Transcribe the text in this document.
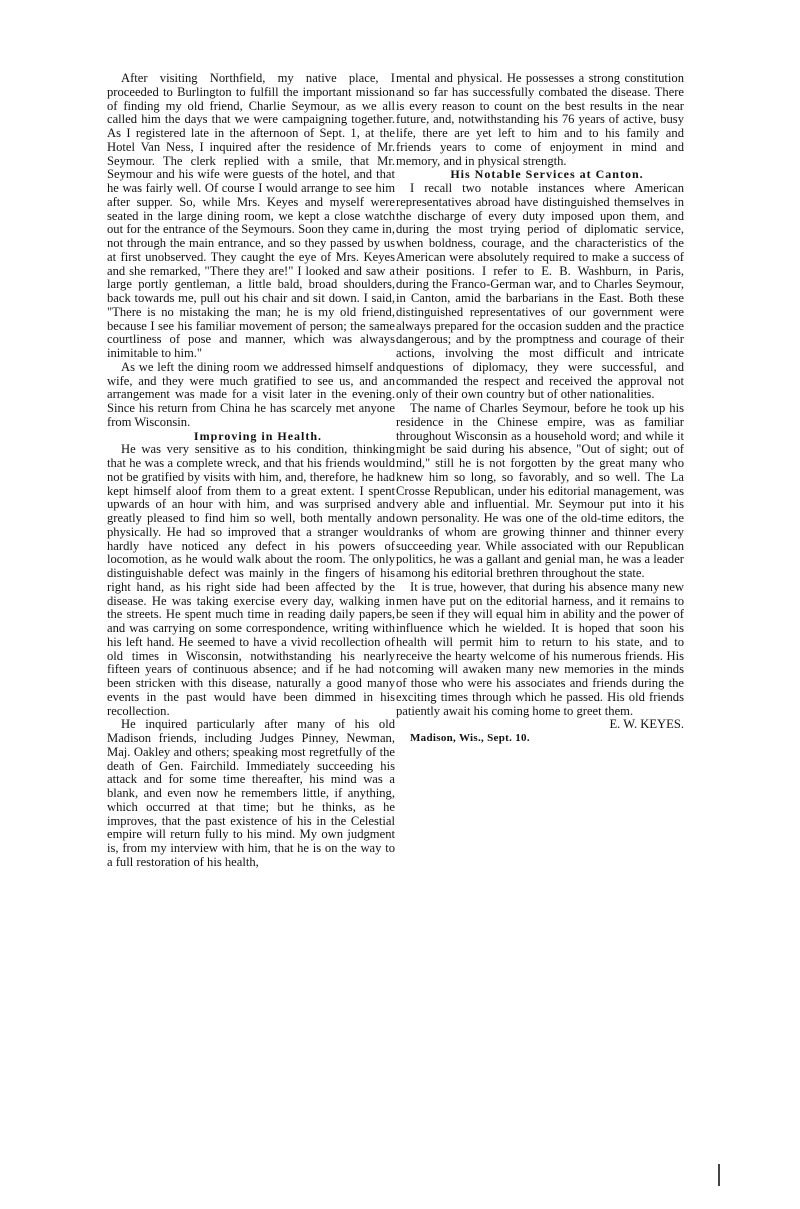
After visiting Northfield, my native place, I proceeded to Burlington to fulfill the important mission of finding my old friend, Charlie Seymour, as we all called him the days that we were campaigning together. As I registered late in the afternoon of Sept. 1, at the Hotel Van Ness, I inquired after the residence of Mr. Seymour. The clerk replied with a smile, that Mr. Seymour and his wife were guests of the hotel, and that he was fairly well. Of course I would arrange to see him after supper. So, while Mrs. Keyes and myself were seated in the large dining room, we kept a close watch out for the entrance of the Seymours. Soon they came in, not through the main entrance, and so they passed by us at first unobserved. They caught the eye of Mrs. Keyes and she remarked, "There they are!" I looked and saw a large portly gentleman, a little bald, broad shoulders, back towards me, pull out his chair and sit down. I said, "There is no mistaking the man; he is my old friend, because I see his familiar movement of person; the same courtliness of pose and manner, which was always inimitable to him."

As we left the dining room we addressed himself and wife, and they were much gratified to see us, and an arrangement was made for a visit later in the evening. Since his return from China he has scarcely met anyone from Wisconsin.

Improving in Health.

He was very sensitive as to his condition, thinking that he was a complete wreck, and that his friends would not be gratified by visits with him, and, therefore, he had kept himself aloof from them to a great extent. I spent upwards of an hour with him, and was surprised and greatly pleased to find him so well, both mentally and physically. He had so improved that a stranger would hardly have noticed any defect in his powers of locomotion, as he would walk about the room. The only distinguishable defect was mainly in the fingers of his right hand, as his right side had been affected by the disease. He was taking exercise every day, walking in the streets. He spent much time in reading daily papers, and was carrying on some correspondence, writing with his left hand. He seemed to have a vivid recollection of old times in Wisconsin, notwithstanding his nearly fifteen years of continuous absence; and if he had not been stricken with this disease, naturally a good many events in the past would have been dimmed in his recollection.

He inquired particularly after many of his old Madison friends, including Judges Pinney, Newman, Maj. Oakley and others; speaking most regretfully of the death of Gen. Fairchild. Immediately succeeding his attack and for some time thereafter, his mind was a blank, and even now he remembers little, if anything, which occurred at that time; but he thinks, as he improves, that the past existence of his in the Celestial empire will return fully to his mind. My own judgment is, from my interview with him, that he is on the way to a full restoration of his health,

mental and physical. He possesses a strong constitution and so far has successfully combated the disease. There is every reason to count on the best results in the near future, and, notwithstanding his 76 years of active, busy life, there are yet left to him and to his family and friends years to come of enjoyment in mind and memory, and in physical strength.

His Notable Services at Canton.

I recall two notable instances where American representatives abroad have distinguished themselves in the discharge of every duty imposed upon them, and during the most trying period of diplomatic service, when boldness, courage, and the characteristics of the American were absolutely required to make a success of their positions. I refer to E. B. Washburn, in Paris, during the Franco-German war, and to Charles Seymour, in Canton, amid the barbarians in the East. Both these distinguished representatives of our government were always prepared for the occasion sudden and the practice dangerous; and by the promptness and courage of their actions, involving the most difficult and intricate questions of diplomacy, they were successful, and commanded the respect and received the approval not only of their own country but of other nationalities.

The name of Charles Seymour, before he took up his residence in the Chinese empire, was as familiar throughout Wisconsin as a household word; and while it might be said during his absence, "Out of sight; out of mind," still he is not forgotten by the great many who knew him so long, so favorably, and so well. The La Crosse Republican, under his editorial management, was very able and influential. Mr. Seymour put into it his own personality. He was one of the old-time editors, the ranks of whom are growing thinner and thinner every succeeding year. While associated with our Republican politics, he was a gallant and genial man, he was a leader among his editorial brethren throughout the state.

It is true, however, that during his absence many new men have put on the editorial harness, and it remains to be seen if they will equal him in ability and the power of influence which he wielded. It is hoped that soon his health will permit him to return to his state, and to receive the hearty welcome of his numerous friends. His coming will awaken many new memories in the minds of those who were his associates and friends during the exciting times through which he passed. His old friends patiently await his coming home to greet them.

E. W. KEYES.

Madison, Wis., Sept. 10.
